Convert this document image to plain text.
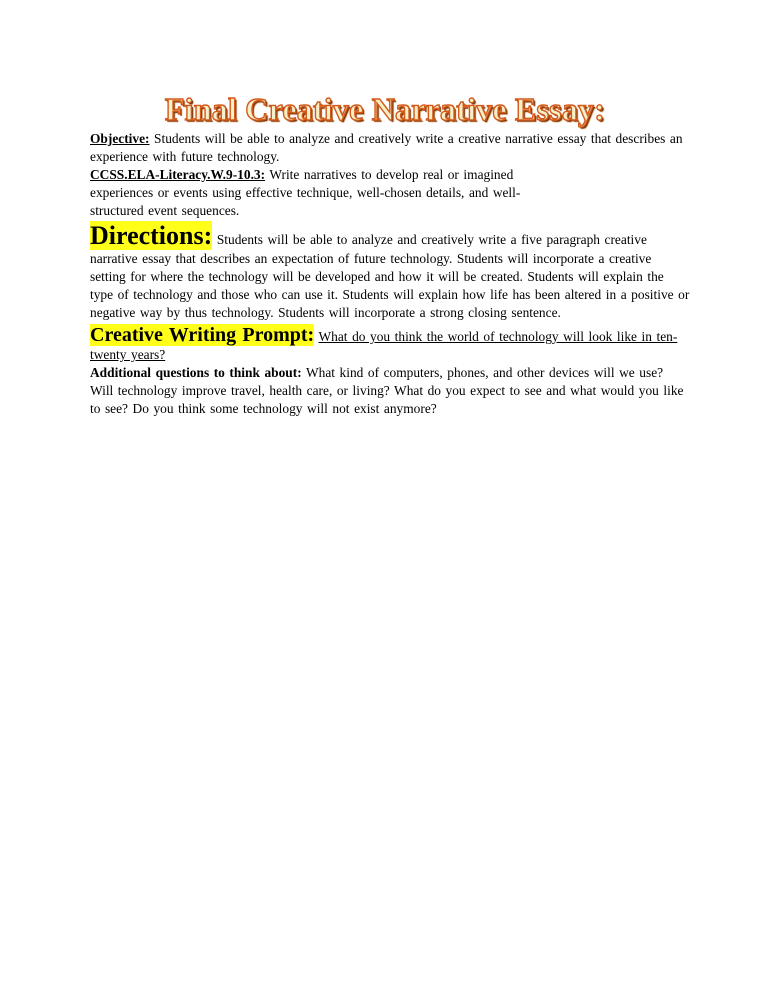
Final Creative Narrative Essay:

Objective: Students will be able to analyze and creatively write a creative narrative essay that describes an experience with future technology.

CCSS.ELA-Literacy.W.9-10.3: Write narratives to develop real or imagined experiences or events using effective technique, well-chosen details, and well-structured event sequences.

Directions: Students will be able to analyze and creatively write a five paragraph creative narrative essay that describes an expectation of future technology. Students will incorporate a creative setting for where the technology will be developed and how it will be created. Students will explain the type of technology and those who can use it. Students will explain how life has been altered in a positive or negative way by thus technology. Students will incorporate a strong closing sentence.

Creative Writing Prompt: What do you think the world of technology will look like in ten-twenty years?

Additional questions to think about: What kind of computers, phones, and other devices will we use? Will technology improve travel, health care, or living? What do you expect to see and what would you like to see? Do you think some technology will not exist anymore?
